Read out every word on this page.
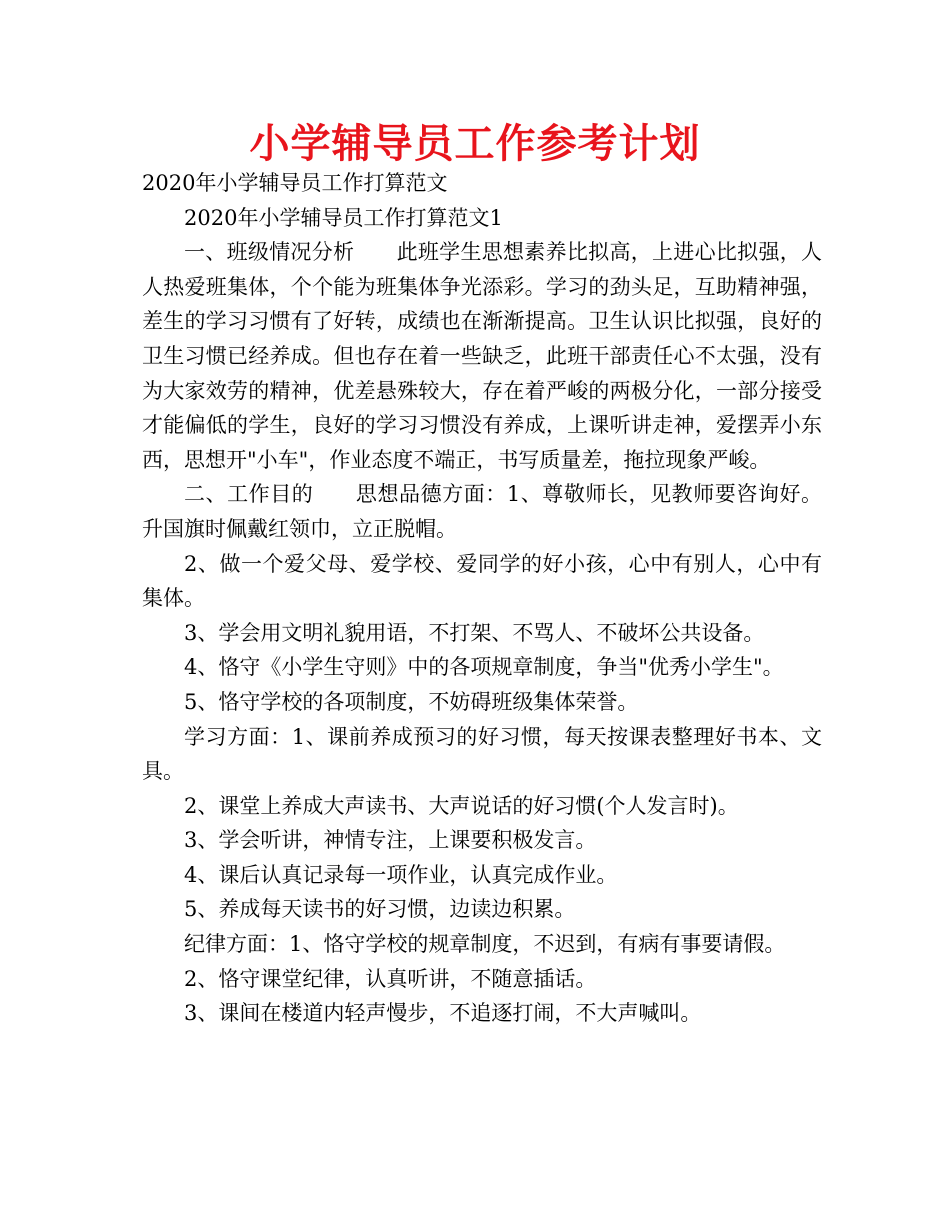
小学辅导员工作参考计划

2020年小学辅导员工作打算范文

2020年小学辅导员工作打算范文1

一、班级情况分析 此班学生思想素养比拟高，上进心比拟强，人人热爱班集体，个个能为班集体争光添彩。学习的劲头足，互助精神强，差生的学习习惯有了好转，成绩也在渐渐提高。卫生认识比拟强，良好的卫生习惯已经养成。但也存在着一些缺乏，此班干部责任心不太强，没有为大家效劳的精神，优差悬殊较大，存在着严峻的两极分化，一部分接受才能偏低的学生，良好的学习习惯没有养成，上课听讲走神，爱摆弄小东西，思想开"小车"，作业态度不端正，书写质量差，拖拉现象严峻。

二、工作目的 思想品德方面：1、尊敬师长，见教师要咨询好。升国旗时佩戴红领巾，立正脱帽。

2、做一个爱父母、爱学校、爱同学的好小孩，心中有别人，心中有集体。

3、学会用文明礼貌用语，不打架、不骂人、不破坏公共设备。

4、恪守《小学生守则》中的各项规章制度，争当"优秀小学生"。

5、恪守学校的各项制度，不妨碍班级集体荣誉。

学习方面：1、课前养成预习的好习惯，每天按课表整理好书本、文具。

2、课堂上养成大声读书、大声说话的好习惯(个人发言时)。

3、学会听讲，神情专注，上课要积极发言。

4、课后认真记录每一项作业，认真完成作业。

5、养成每天读书的好习惯，边读边积累。

纪律方面：1、恪守学校的规章制度，不迟到，有病有事要请假。

2、恪守课堂纪律，认真听讲，不随意插话。

3、课间在楼道内轻声慢步，不追逐打闹，不大声喊叫。
